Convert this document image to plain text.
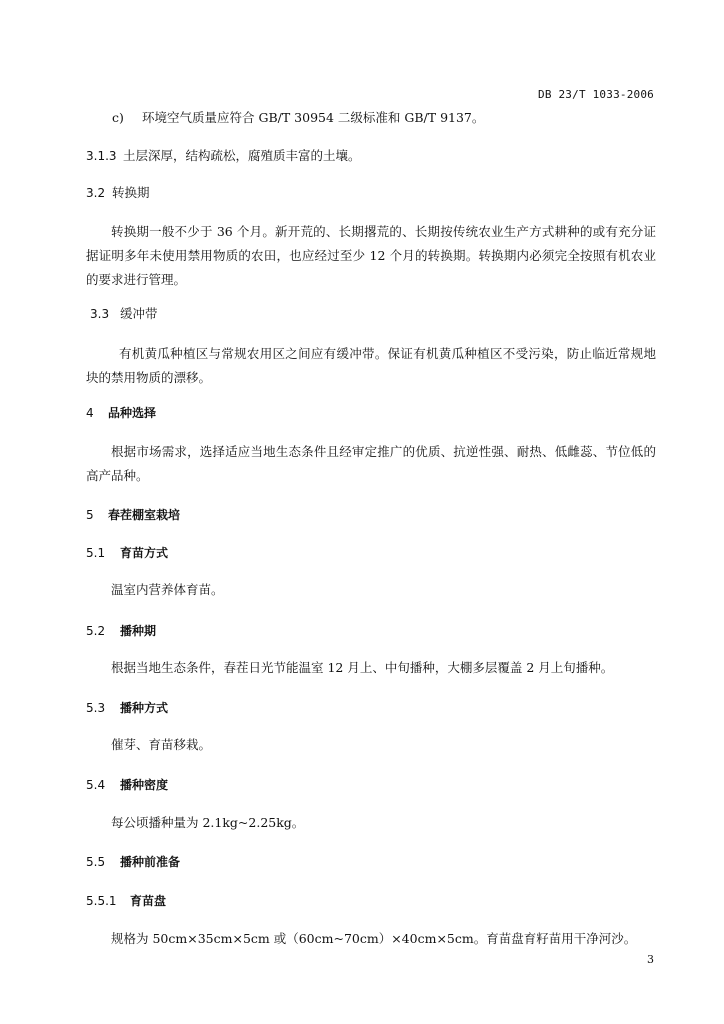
DB 23/T 1033-2006
c) 环境空气质量应符合 GB/T 30954 二级标准和 GB/T 9137。
3.1.3 土层深厚，结构疏松，腐殖质丰富的土壤。
3.2 转换期
转换期一般不少于 36 个月。新开荒的、长期撂荒的、长期按传统农业生产方式耕种的或有充分证据证明多年未使用禁用物质的农田，也应经过至少 12 个月的转换期。转换期内必须完全按照有机农业的要求进行管理。
3.3 缓冲带
有机黄瓜种植区与常规农用区之间应有缓冲带。保证有机黄瓜种植区不受污染，防止临近常规地块的禁用物质的漂移。
4 品种选择
根据市场需求，选择适应当地生态条件且经审定推广的优质、抗逆性强、耐热、低雌蕊、节位低的高产品种。
5 春茬棚室栽培
5.1 育苗方式
温室内营养体育苗。
5.2 播种期
根据当地生态条件，春茬日光节能温室 12 月上、中旬播种，大棚多层覆盖 2 月上旬播种。
5.3 播种方式
催芽、育苗移栽。
5.4 播种密度
每公顷播种量为 2.1kg~2.25kg。
5.5 播种前准备
5.5.1 育苗盘
规格为 50cm×35cm×5cm 或（60cm~70cm）×40cm×5cm。育苗盘育籽苗用干净河沙。
3
